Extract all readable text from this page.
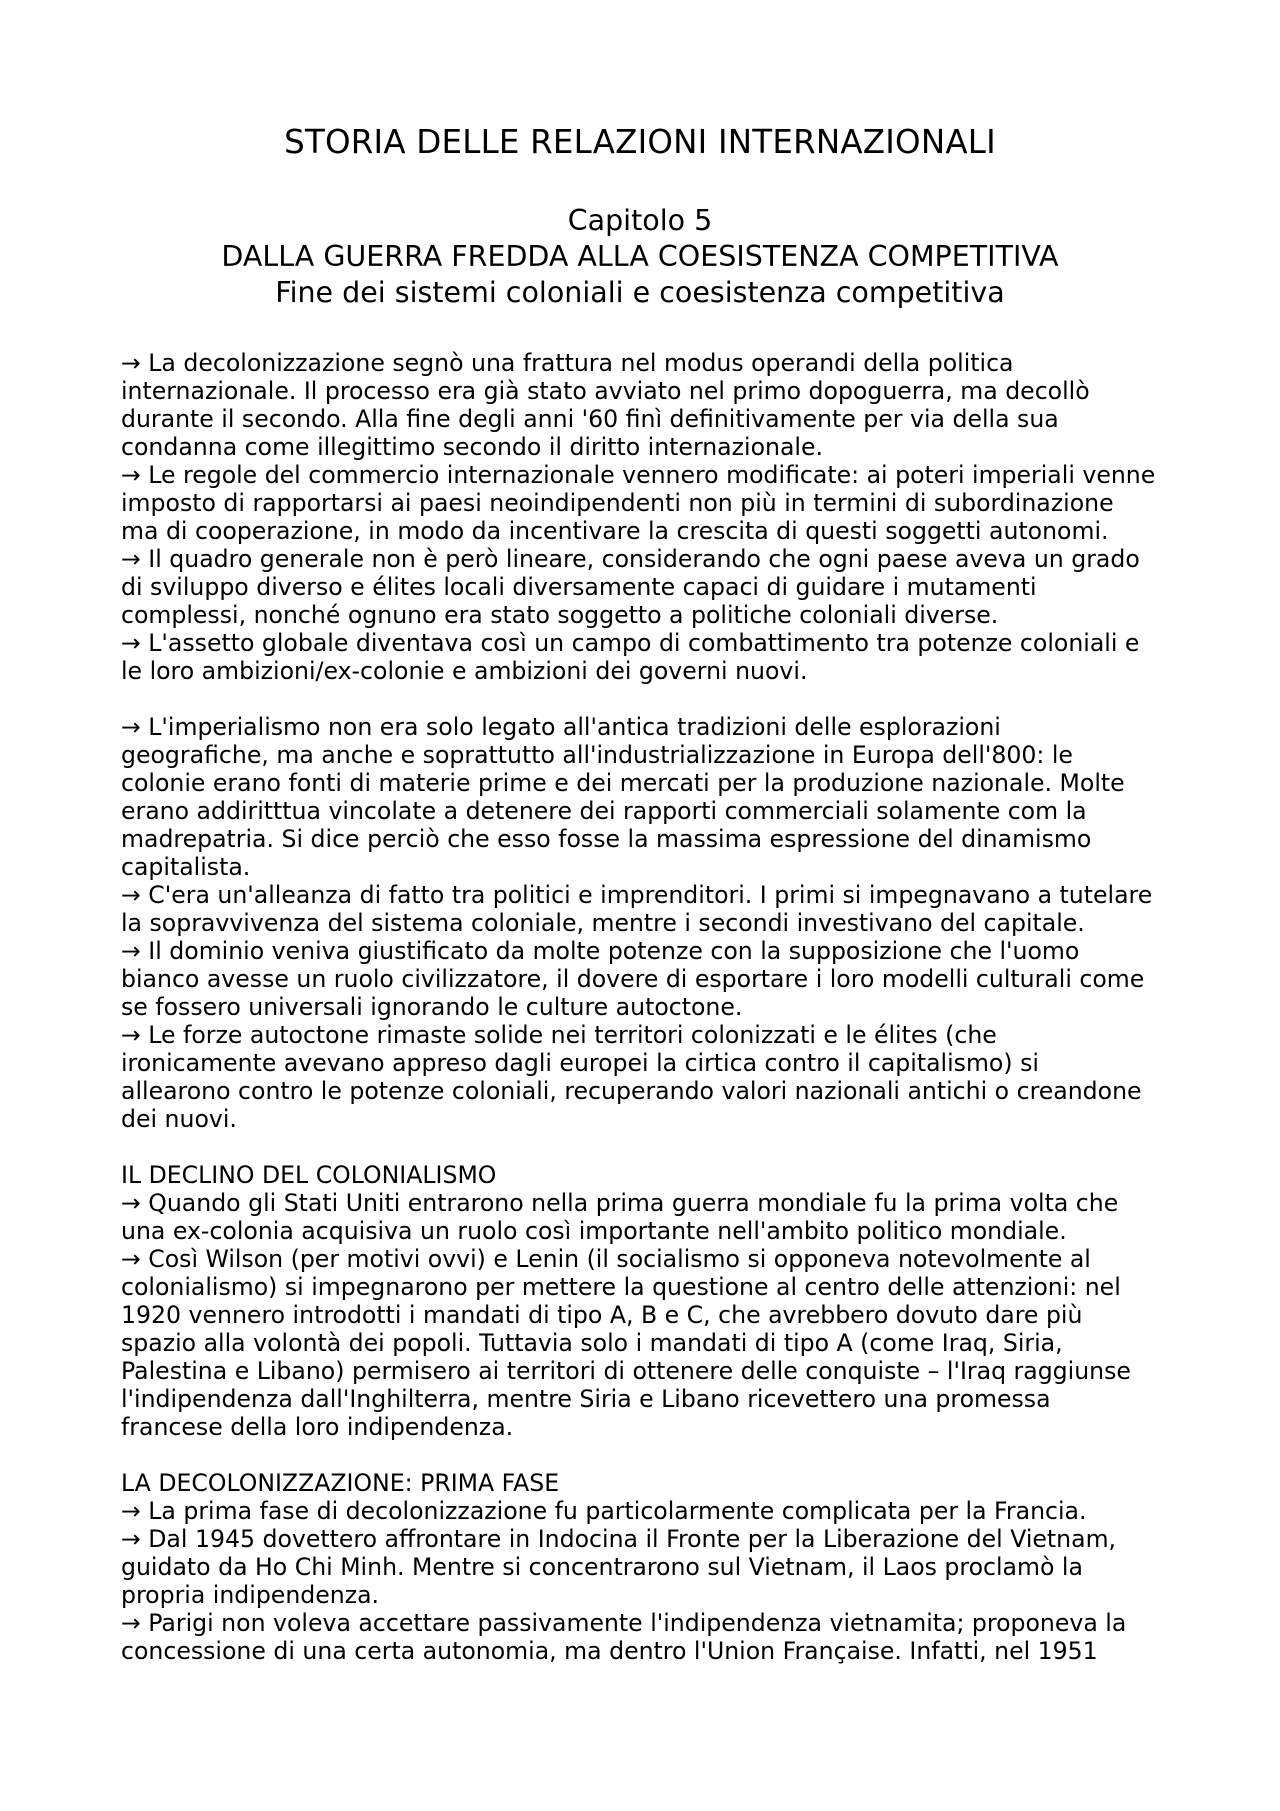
STORIA DELLE RELAZIONI INTERNAZIONALI
Capitolo 5
DALLA GUERRA FREDDA ALLA COESISTENZA COMPETITIVA
Fine dei sistemi coloniali e coesistenza competitiva

→ La decolonizzazione segnò una frattura nel modus operandi della politica

internazionale. Il processo era già stato avviato nel primo dopoguerra, ma decollò

durante il secondo. Alla fine degli anni '60 finì definitivamente per via della sua

condanna come illegittimo secondo il diritto internazionale.

→ Le regole del commercio internazionale vennero modificate: ai poteri imperiali venne

imposto di rapportarsi ai paesi neoindipendenti non più in termini di subordinazione

ma di cooperazione, in modo da incentivare la crescita di questi soggetti autonomi.

→ Il quadro generale non è però lineare, considerando che ogni paese aveva un grado

di sviluppo diverso e élites locali diversamente capaci di guidare i mutamenti

complessi, nonché ognuno era stato soggetto a politiche coloniali diverse.

→ L'assetto globale diventava così un campo di combattimento tra potenze coloniali e

le loro ambizioni/ex-colonie e ambizioni dei governi nuovi.

→ L'imperialismo non era solo legato all'antica tradizioni delle esplorazioni

geografiche, ma anche e soprattutto all'industrializzazione in Europa dell'800: le

colonie erano fonti di materie prime e dei mercati per la produzione nazionale. Molte

erano addiritttua vincolate a detenere dei rapporti commerciali solamente com la

madrepatria. Si dice perciò che esso fosse la massima espressione del dinamismo

capitalista.

→ C'era un'alleanza di fatto tra politici e imprenditori. I primi si impegnavano a tutelare

la sopravvivenza del sistema coloniale, mentre i secondi investivano del capitale.

→ Il dominio veniva giustificato da molte potenze con la supposizione che l'uomo

bianco avesse un ruolo civilizzatore, il dovere di esportare i loro modelli culturali come

se fossero universali ignorando le culture autoctone.

→ Le forze autoctone rimaste solide nei territori colonizzati e le élites (che

ironicamente avevano appreso dagli europei la cirtica contro il capitalismo) si

allearono contro le potenze coloniali, recuperando valori nazionali antichi o creandone

dei nuovi.

IL DECLINO DEL COLONIALISMO

→ Quando gli Stati Uniti entrarono nella prima guerra mondiale fu la prima volta che

una ex-colonia acquisiva un ruolo così importante nell'ambito politico mondiale.

→ Così Wilson (per motivi ovvi) e Lenin (il socialismo si opponeva notevolmente al

colonialismo) si impegnarono per mettere la questione al centro delle attenzioni: nel

1920 vennero introdotti i mandati di tipo A, B e C, che avrebbero dovuto dare più

spazio alla volontà dei popoli. Tuttavia solo i mandati di tipo A (come Iraq, Siria,

Palestina e Libano) permisero ai territori di ottenere delle conquiste – l'Iraq raggiunse

l'indipendenza dall'Inghilterra, mentre Siria e Libano ricevettero una promessa

francese della loro indipendenza.

LA DECOLONIZZAZIONE: PRIMA FASE

→ La prima fase di decolonizzazione fu particolarmente complicata per la Francia.

→ Dal 1945 dovettero affrontare in Indocina il Fronte per la Liberazione del Vietnam,

guidato da Ho Chi Minh. Mentre si concentrarono sul Vietnam, il Laos proclamò la

propria indipendenza.

→ Parigi non voleva accettare passivamente l'indipendenza vietnamita; proponeva la

concessione di una certa autonomia, ma dentro l'Union Française. Infatti, nel 1951
